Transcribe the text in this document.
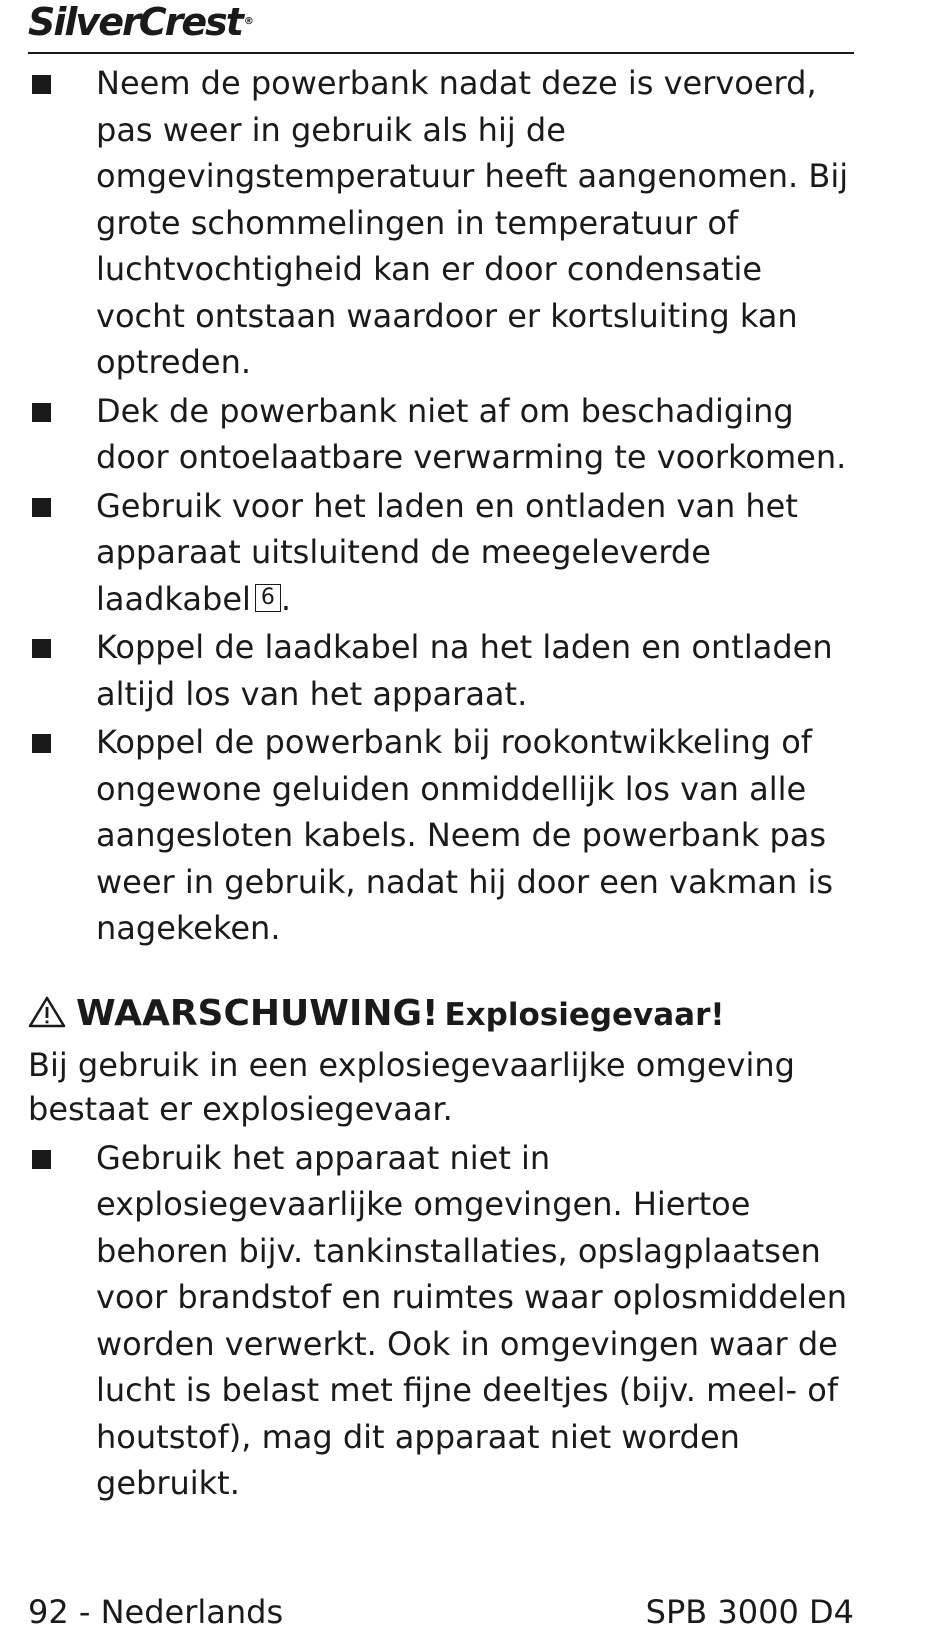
SilverCrest ®
Neem de powerbank nadat deze is vervoerd, pas weer in gebruik als hij de omgevingstemperatuur heeft aangenomen. Bij grote schommelingen in temperatuur of luchtvochtigheid kan er door condensatie vocht ontstaan waardoor er kortsluiting kan optreden.
Dek de powerbank niet af om beschadiging door ontoelaatbare verwarming te voorkomen.
Gebruik voor het laden en ontladen van het apparaat uitsluitend de meegeleverde laadkabel 6 .
Koppel de laadkabel na het laden en ontladen altijd los van het apparaat.
Koppel de powerbank bij rookontwikkeling of ongewone geluiden onmiddellijk los van alle aangesloten kabels. Neem de powerbank pas weer in gebruik, nadat hij door een vakman is nagekeken.
WAARSCHUWING! Explosiegevaar!
Bij gebruik in een explosiegevaarlijke omgeving bestaat er explosiegevaar.
Gebruik het apparaat niet in explosiegevaarlijke omgevingen. Hiertoe behoren bijv. tankinstallaties, opslagplaatsen voor brandstof en ruimtes waar oplosmiddelen worden verwerkt. Ook in omgevingen waar de lucht is belast met fijne deeltjes (bijv. meel- of houtstof), mag dit apparaat niet worden gebruikt.
92 - Nederlands	SPB 3000 D4
